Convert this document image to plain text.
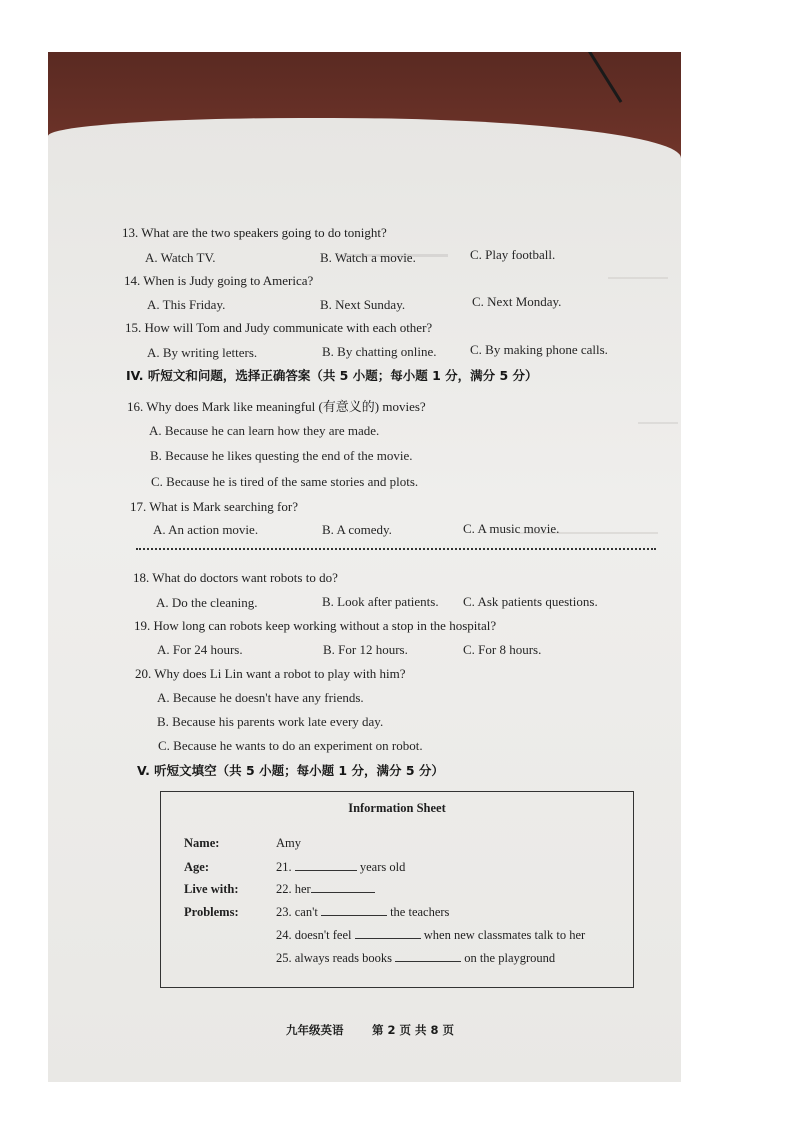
13. What are the two speakers going to do tonight?
A. Watch TV.	B. Watch a movie.	C. Play football.
14. When is Judy going to America?
A. This Friday.	B. Next Sunday.	C. Next Monday.
15. How will Tom and Judy communicate with each other?
A. By writing letters.	B. By chatting online.	C. By making phone calls.
IV. 听短文和问题，选择正确答案（共 5 小题；每小题 1 分，满分 5 分）
16. Why does Mark like meaningful (有意义的) movies?
A. Because he can learn how they are made.
B. Because he likes questing the end of the movie.
C. Because he is tired of the same stories and plots.
17. What is Mark searching for?
A. An action movie.	B. A comedy.	C. A music movie.
18. What do doctors want robots to do?
A. Do the cleaning.	B. Look after patients. C. Ask patients questions.
19. How long can robots keep working without a stop in the hospital?
A. For 24 hours.	B. For 12 hours.	C. For 8 hours.
20. Why does Li Lin want a robot to play with him?
A. Because he doesn't have any friends.
B. Because his parents work late every day.
C. Because he wants to do an experiment on robot.
V. 听短文填空（共 5 小题；每小题 1 分，满分 5 分）
Information Sheet
Name:	Amy
Age:	21.	years old
Live with:	22. her
Problems:	23. can't	the teachers
24. doesn't feel	when new classmates talk to her
25. always reads books	on the playground
九年级英语 第 2 页 共 8 页
